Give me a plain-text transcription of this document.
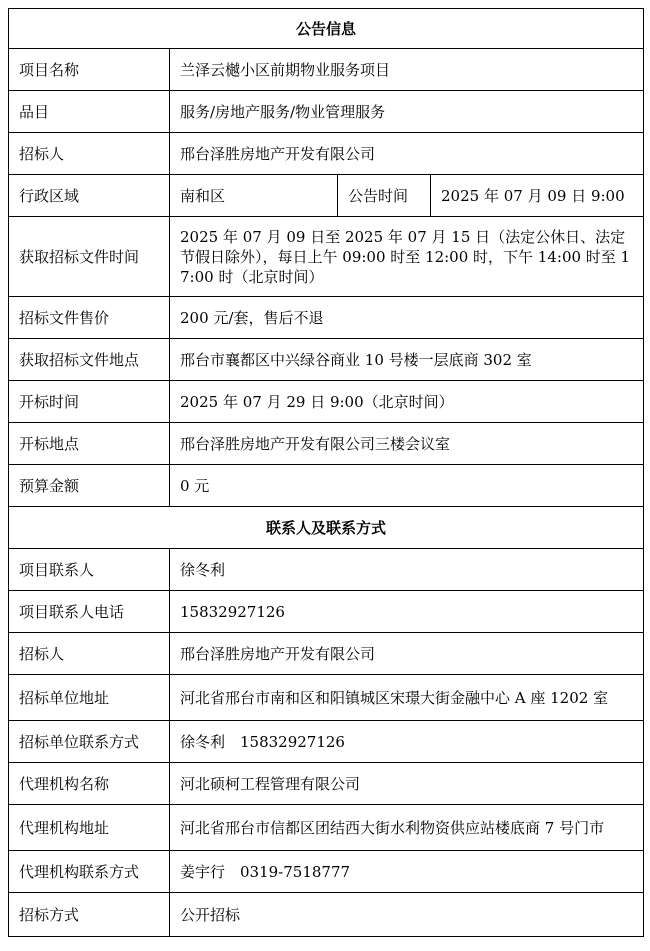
公告信息			
项目名称	兰泽云樾小区前期物业服务项目		
品目	服务/房地产服务/物业管理服务		
招标人	邢台泽胜房地产开发有限公司		
行政区域	南和区	公告时间	2025 年 07 月 09 日 9:00
获取招标文件时间	2025 年 07 月 09 日至 2025 年 07 月 15 日（法定公休日、法定节假日除外），每日上午 09:00 时至 12:00 时，下午 14:00 时至 17:00 时（北京时间）		
招标文件售价	200 元/套，售后不退		
获取招标文件地点	邢台市襄都区中兴绿谷商业 10 号楼一层底商 302 室		
开标时间	2025 年 07 月 29 日 9:00（北京时间）		
开标地点	邢台泽胜房地产开发有限公司三楼会议室		
预算金额	0 元		
联系人及联系方式			
项目联系人	徐冬利		
项目联系人电话	15832927126		
招标人	邢台泽胜房地产开发有限公司		
招标单位地址	河北省邢台市南和区和阳镇城区宋璟大街金融中心 A 座 1202 室		
招标单位联系方式	徐冬利　15832927126		
代理机构名称	河北硕柯工程管理有限公司		
代理机构地址	河北省邢台市信都区团结西大街水利物资供应站楼底商 7 号门市		
代理机构联系方式	姜宇行　0319-7518777		
招标方式	公开招标		
